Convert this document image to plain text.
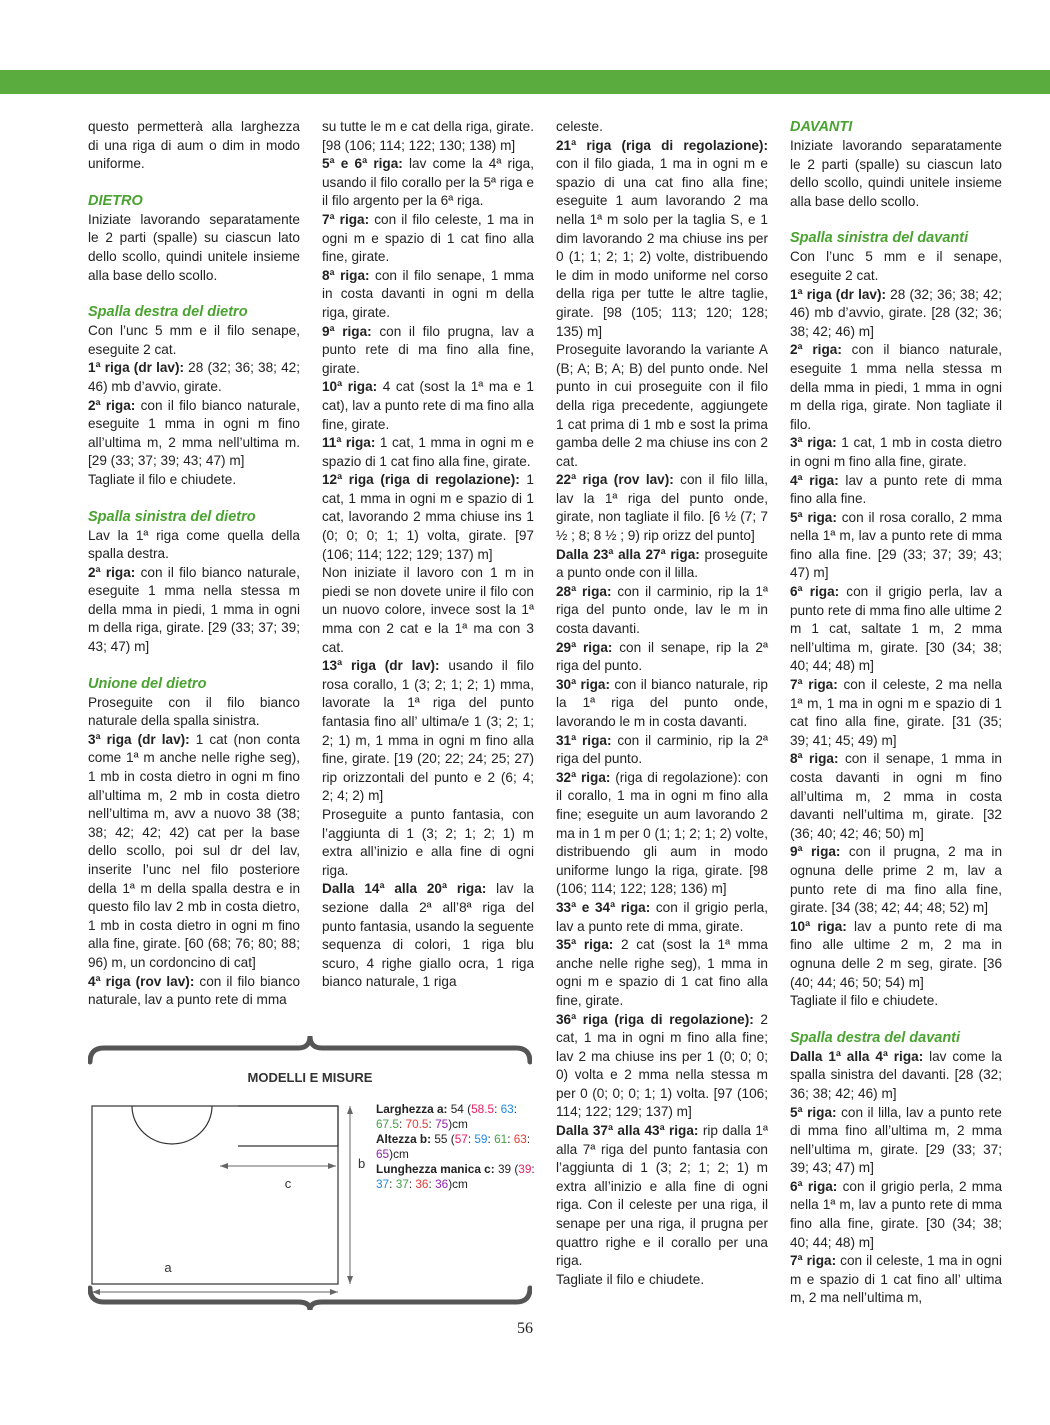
questo permetterà alla larghezza di una riga di aum o dim in modo uniforme.

DIETRO

Iniziate lavorando separatamente le 2 parti (spalle) su ciascun lato dello scollo, quindi unitele insieme alla base dello scollo.

Spalla destra del dietro

Con l’unc 5 mm e il filo senape, eseguite 2 cat.

1ª riga (dr lav): 28 (32; 36; 38; 42; 46) mb d’avvio, girate.

2ª riga: con il filo bianco naturale, eseguite 1 mma in ogni m fino all’ultima m, 2 mma nell’ultima m. [29 (33; 37; 39; 43; 47) m]

Tagliate il filo e chiudete.

Spalla sinistra del dietro

Lav la 1ª riga come quella della spalla destra.

2ª riga: con il filo bianco naturale, eseguite 1 mma nella stessa m della mma in piedi, 1 mma in ogni m della riga, girate. [29 (33; 37; 39; 43; 47) m]

Unione del dietro

Proseguite con il filo bianco naturale della spalla sinistra.

3ª riga (dr lav): 1 cat (non conta come 1ª m anche nelle righe seg), 1 mb in costa dietro in ogni m fino all’ultima m, 2 mb in costa dietro nell’ultima m, avv a nuovo 38 (38; 38; 42; 42; 42) cat per la base dello scollo, poi sul dr del lav, inserite l’unc nel filo posteriore della 1ª m della spalla destra e in questo filo lav 2 mb in costa dietro, 1 mb in costa dietro in ogni m fino alla fine, girate. [60 (68; 76; 80; 88; 96) m, un cordoncino di cat]

4ª riga (rov lav): con il filo bianco naturale, lav a punto rete di mma

su tutte le m e cat della riga, girate. [98 (106; 114; 122; 130; 138) m]

5ª e 6ª riga: lav come la 4ª riga, usando il filo corallo per la 5ª riga e il filo argento per la 6ª riga.

7ª riga: con il filo celeste, 1 ma in ogni m e spazio di 1 cat fino alla fine, girate.

8ª riga: con il filo senape, 1 mma in costa davanti in ogni m della riga, girate.

9ª riga: con il filo prugna, lav a punto rete di ma fino alla fine, girate.

10ª riga: 4 cat (sost la 1ª ma e 1 cat), lav a punto rete di ma fino alla fine, girate.

11ª riga: 1 cat, 1 mma in ogni m e spazio di 1 cat fino alla fine, girate.

12ª riga (riga di regolazione): 1 cat, 1 mma in ogni m e spazio di 1 cat, lavorando 2 mma chiuse ins 1 (0; 0; 0; 1; 1) volta, girate. [97 (106; 114; 122; 129; 137) m]

Non iniziate il lavoro con 1 m in piedi se non dovete unire il filo con un nuovo colore, invece sost la 1ª mma con 2 cat e la 1ª ma con 3 cat.

13ª riga (dr lav): usando il filo rosa corallo, 1 (3; 2; 1; 2; 1) mma, lavorate la 1ª riga del punto fantasia fino all’ ultima/e 1 (3; 2; 1; 2; 1) m, 1 mma in ogni m fino alla fine, girate. [19 (20; 22; 24; 25; 27) rip orizzontali del punto e 2 (6; 4; 2; 4; 2) m]

Proseguite a punto fantasia, con l’aggiunta di 1 (3; 2; 1; 2; 1) m extra all’inizio e alla fine di ogni riga.

Dalla 14ª alla 20ª riga: lav la sezione dalla 2ª all’8ª riga del punto fantasia, usando la seguente sequenza di colori, 1 riga blu scuro, 4 righe giallo ocra, 1 riga bianco naturale, 1 riga

celeste.

21ª riga (riga di regolazione): con il filo giada, 1 ma in ogni m e spazio di una cat fino alla fine; eseguite 1 aum lavorando 2 ma nella 1ª m solo per la taglia S, e 1 dim lavorando 2 ma chiuse ins per 0 (1; 1; 2; 1; 2) volte, distribuendo le dim in modo uniforme nel corso della riga per tutte le altre taglie, girate. [98 (105; 113; 120; 128; 135) m]

Proseguite lavorando la variante A (B; A; B; A; B) del punto onde. Nel punto in cui proseguite con il filo della riga precedente, aggiungete 1 cat prima di 1 mb e sost la prima gamba delle 2 ma chiuse ins con 2 cat.

22ª riga (rov lav): con il filo lilla, lav la 1ª riga del punto onde, girate, non tagliate il filo. [6 ½ (7; 7 ½ ; 8; 8 ½ ; 9) rip orizz del punto]

Dalla 23ª alla 27ª riga: proseguite a punto onde con il lilla.

28ª riga: con il carminio, rip la 1ª riga del punto onde, lav le m in costa davanti.

29ª riga: con il senape, rip la 2ª riga del punto.

30ª riga: con il bianco naturale, rip la 1ª riga del punto onde, lavorando le m in costa davanti.

31ª riga: con il carminio, rip la 2ª riga del punto.

32ª riga: (riga di regolazione): con il corallo, 1 ma in ogni m fino alla fine; eseguite un aum lavorando 2 ma in 1 m per 0 (1; 1; 2; 1; 2) volte, distribuendo gli aum in modo uniforme lungo la riga, girate. [98 (106; 114; 122; 128; 136) m]

33ª e 34ª riga: con il grigio perla, lav a punto rete di mma, girate.

35ª riga: 2 cat (sost la 1ª mma anche nelle righe seg), 1 mma in ogni m e spazio di 1 cat fino alla fine, girate.

36ª riga (riga di regolazione): 2 cat, 1 ma in ogni m fino alla fine; lav 2 ma chiuse ins per 1 (0; 0; 0; 0) volta e 2 mma nella stessa m per 0 (0; 0; 0; 1; 1) volta. [97 (106; 114; 122; 129; 137) m]

Dalla 37ª alla 43ª riga: rip dalla 1ª alla 7ª riga del punto fantasia con l’aggiunta di 1 (3; 2; 1; 2; 1) m extra all’inizio e alla fine di ogni riga. Con il celeste per una riga, il senape per una riga, il prugna per quattro righe e il corallo per una riga.

Tagliate il filo e chiudete.

DAVANTI

Iniziate lavorando separatamente le 2 parti (spalle) su ciascun lato dello scollo, quindi unitele insieme alla base dello scollo.

Spalla sinistra del davanti

Con l’unc 5 mm e il senape, eseguite 2 cat.

1ª riga (dr lav): 28 (32; 36; 38; 42; 46) mb d’avvio, girate. [28 (32; 36; 38; 42; 46) m]

2ª riga: con il bianco naturale, eseguite 1 mma nella stessa m della mma in piedi, 1 mma in ogni m della riga, girate. Non tagliate il filo.

3ª riga: 1 cat, 1 mb in costa dietro in ogni m fino alla fine, girate.

4ª riga: lav a punto rete di mma fino alla fine.

5ª riga: con il rosa corallo, 2 mma nella 1ª m, lav a punto rete di mma fino alla fine. [29 (33; 37; 39; 43; 47) m]

6ª riga: con il grigio perla, lav a punto rete di mma fino alle ultime 2 m 1 cat, saltate 1 m, 2 mma nell’ultima m, girate. [30 (34; 38; 40; 44; 48) m]

7ª riga: con il celeste, 2 ma nella 1ª m, 1 ma in ogni m e spazio di 1 cat fino alla fine, girate. [31 (35; 39; 41; 45; 49) m]

8ª riga: con il senape, 1 mma in costa davanti in ogni m fino all’ultima m, 2 mma in costa davanti nell’ultima m, girate. [32 (36; 40; 42; 46; 50) m]

9ª riga: con il prugna, 2 ma in ognuna delle prime 2 m, lav a punto rete di ma fino alla fine, girate. [34 (38; 42; 44; 48; 52) m]

10ª riga: lav a punto rete di ma fino alle ultime 2 m, 2 ma in ognuna delle 2 m seg, girate. [36 (40; 44; 46; 50; 54) m]

Tagliate il filo e chiudete.

Spalla destra del davanti

Dalla 1ª alla 4ª riga: lav come la spalla sinistra del davanti. [28 (32; 36; 38; 42; 46) m]

5ª riga: con il lilla, lav a punto rete di mma fino all’ultima m, 2 mma nell’ultima m, girate. [29 (33; 37; 39; 43; 47) m]

6ª riga: con il grigio perla, 2 mma nella 1ª m, lav a punto rete di mma fino alla fine, girate. [30 (34; 38; 40; 44; 48) m]

7ª riga: con il celeste, 1 ma in ogni m e spazio di 1 cat fino all’ ultima m, 2 ma nell’ultima m,

MODELLI E MISURE
c
b
a
Larghezza a: 54 (58.5: 63: 67.5: 70.5: 75)cm
Altezza b: 55 (57: 59: 61: 63: 65)cm
Lunghezza manica c: 39 (39: 37: 37: 36: 36)cm
56
